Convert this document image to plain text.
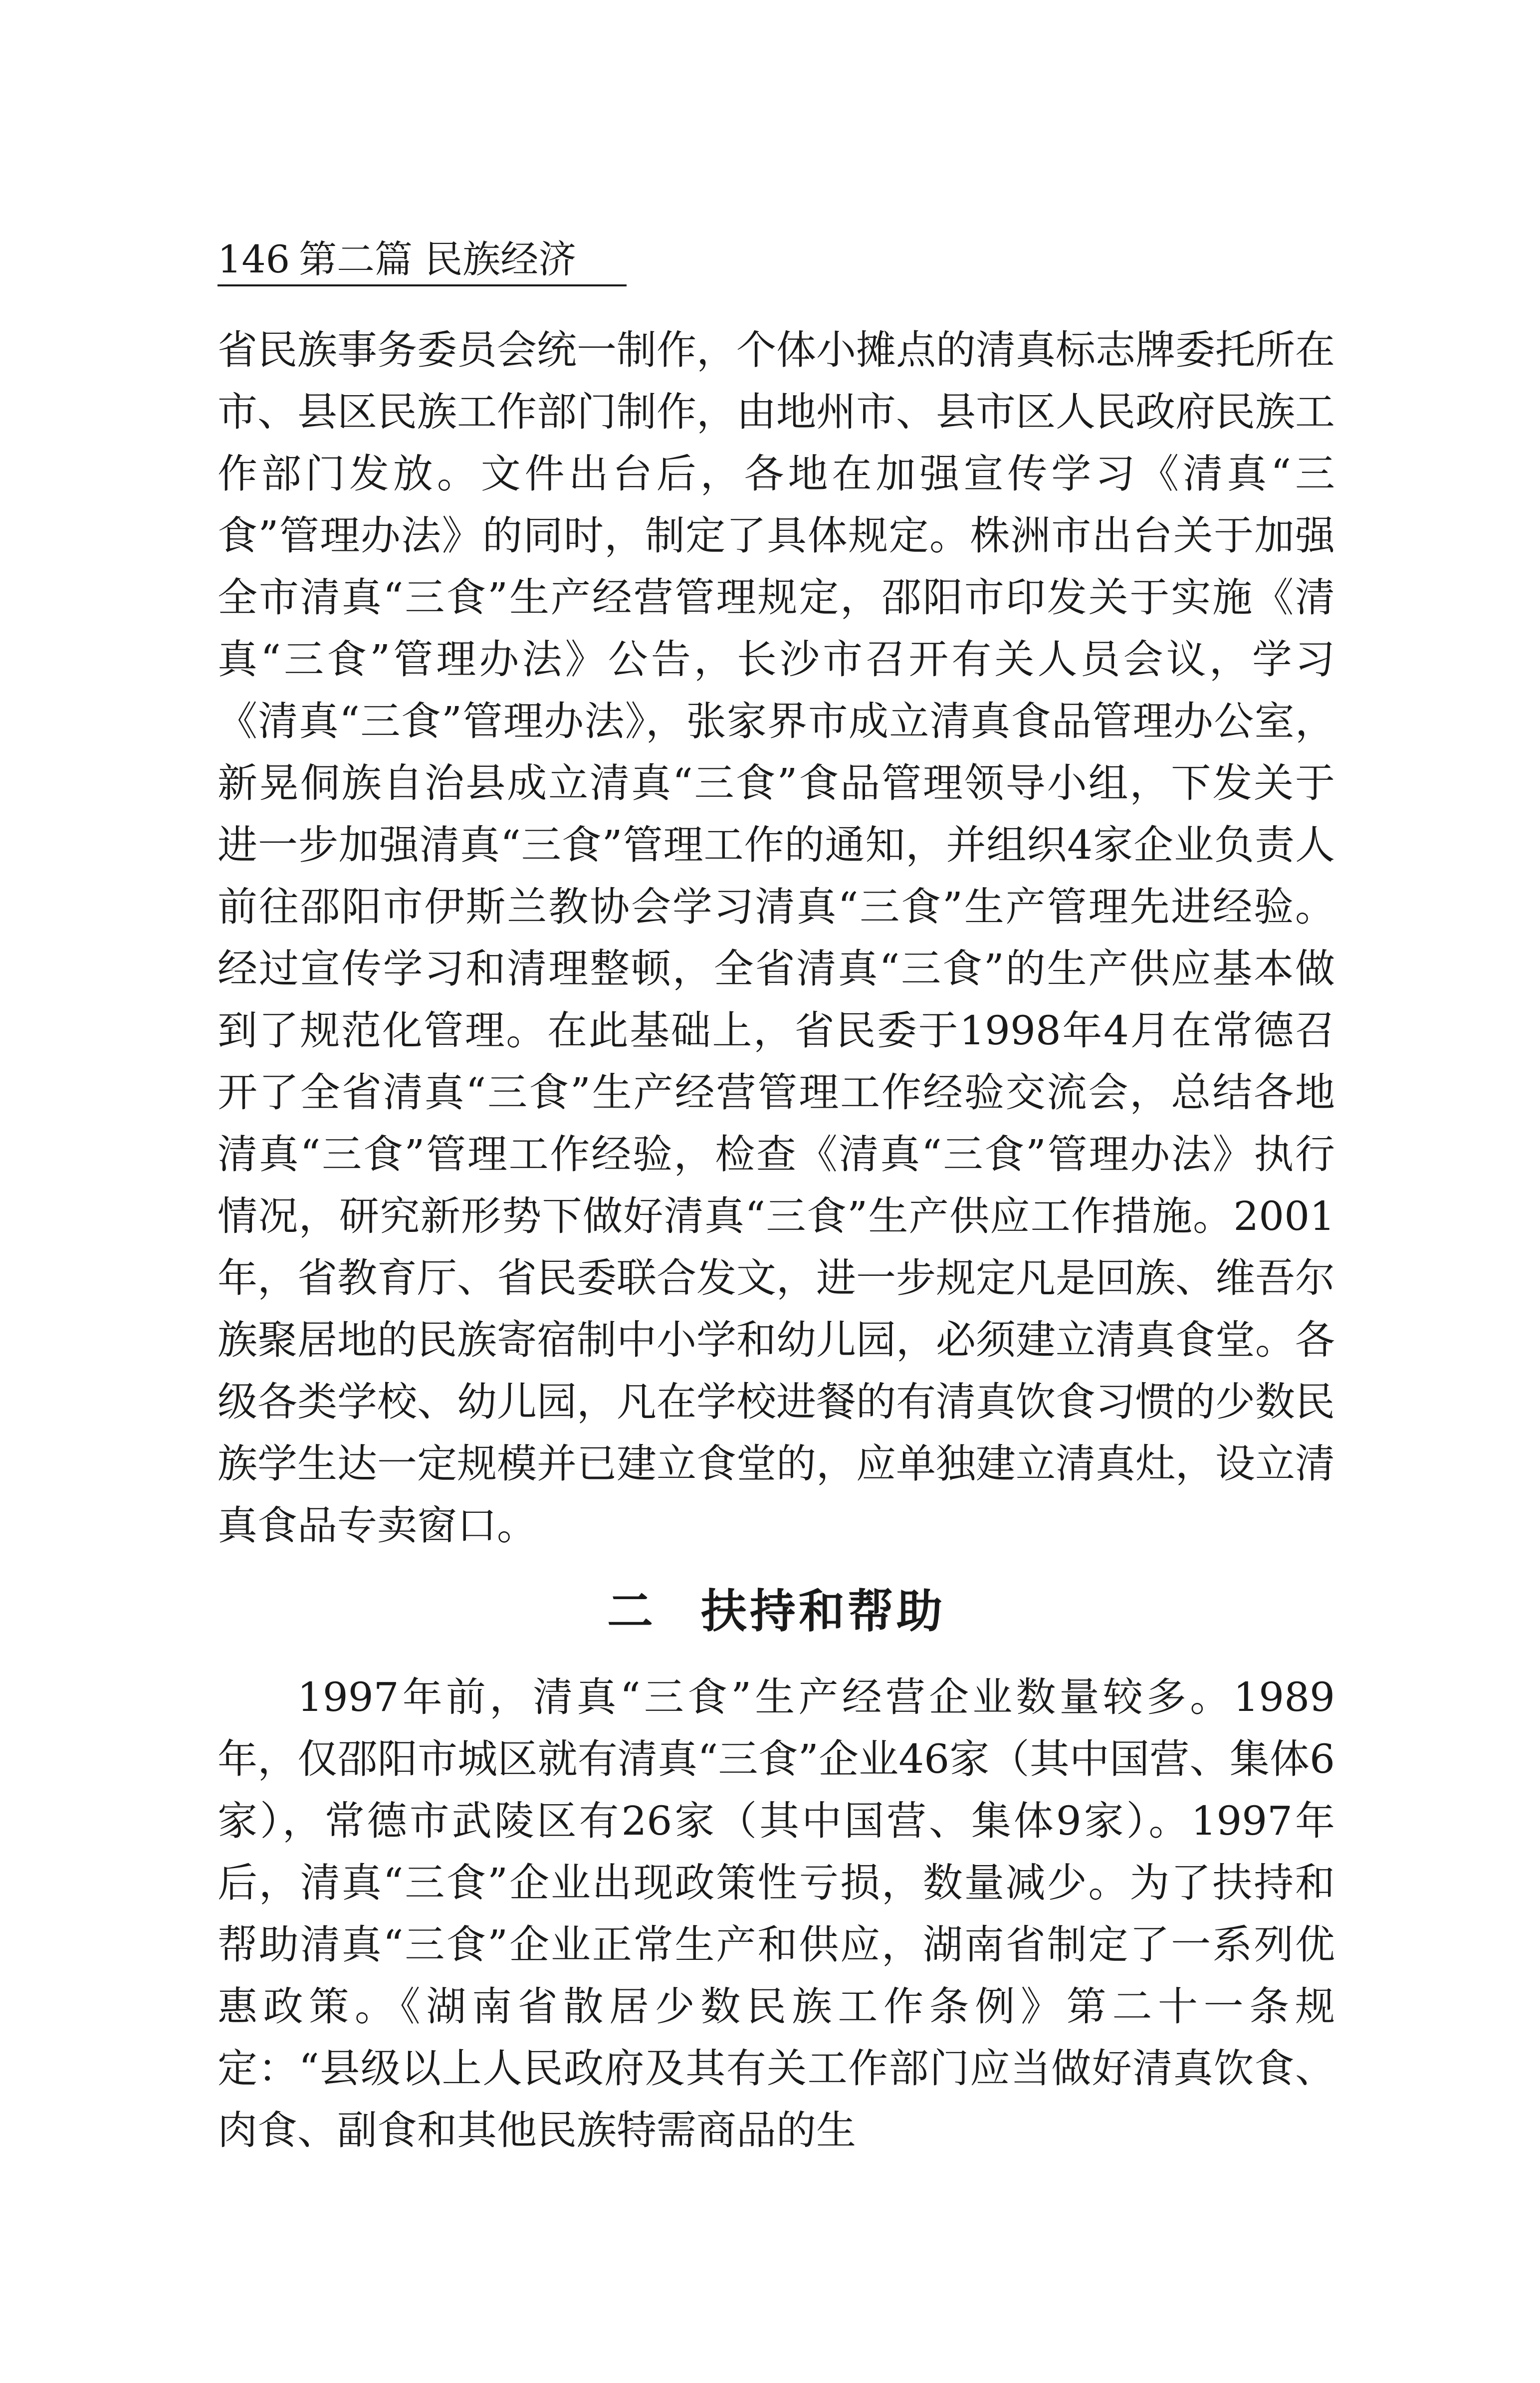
146 第二篇 民族经济

省民族事务委员会统一制作，个体小摊点的清真标志牌委托所在市、县区民族工作部门制作，由地州市、县市区人民政府民族工作部门发放。文件出台后，各地在加强宣传学习《清真“三食”管理办法》的同时，制定了具体规定。株洲市出台关于加强全市清真“三食”生产经营管理规定，邵阳市印发关于实施《清真“三食”管理办法》公告，长沙市召开有关人员会议，学习《清真“三食”管理办法》，张家界市成立清真食品管理办公室，新晃侗族自治县成立清真“三食”食品管理领导小组，下发关于进一步加强清真“三食”管理工作的通知，并组织4家企业负责人前往邵阳市伊斯兰教协会学习清真“三食”生产管理先进经验。经过宣传学习和清理整顿，全省清真“三食”的生产供应基本做到了规范化管理。在此基础上，省民委于1998年4月在常德召开了全省清真“三食”生产经营管理工作经验交流会，总结各地清真“三食”管理工作经验，检查《清真“三食”管理办法》执行情况，研究新形势下做好清真“三食”生产供应工作措施。2001年，省教育厅、省民委联合发文，进一步规定凡是回族、维吾尔族聚居地的民族寄宿制中小学和幼儿园，必须建立清真食堂。各级各类学校、幼儿园，凡在学校进餐的有清真饮食习惯的少数民族学生达一定规模并已建立食堂的，应单独建立清真灶，设立清真食品专卖窗口。

二 扶持和帮助

1997年前，清真“三食”生产经营企业数量较多。1989年，仅邵阳市城区就有清真“三食”企业46家（其中国营、集体6家），常德市武陵区有26家（其中国营、集体9家）。1997年后，清真“三食”企业出现政策性亏损，数量减少。为了扶持和帮助清真“三食”企业正常生产和供应，湖南省制定了一系列优惠政策。《湖南省散居少数民族工作条例》第二十一条规定：“县级以上人民政府及其有关工作部门应当做好清真饮食、肉食、副食和其他民族特需商品的生
